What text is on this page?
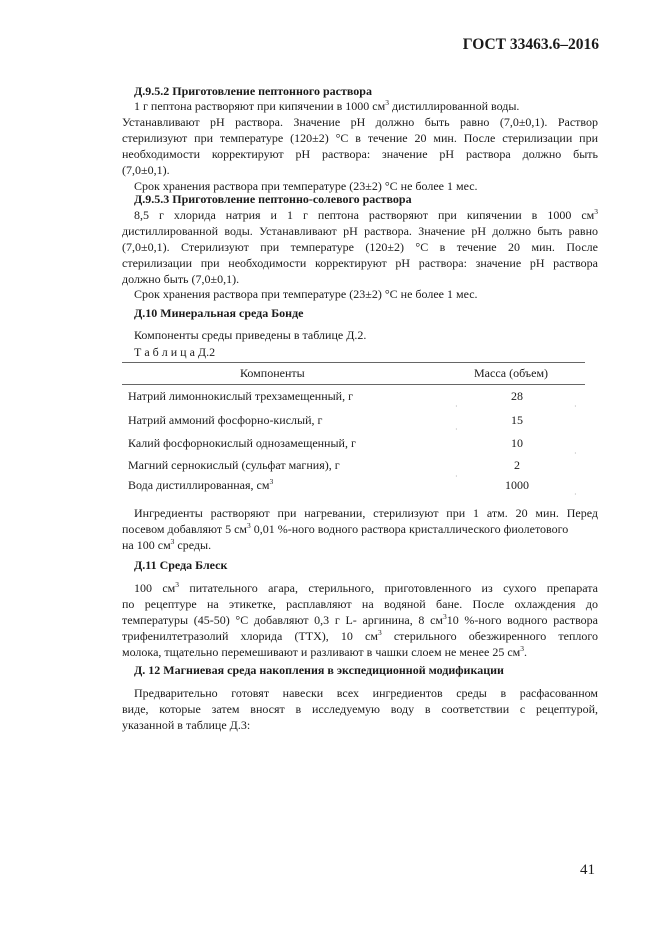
ГОСТ 33463.6–2016
Д.9.5.2 Приготовление пептонного раствора
1 г пептона растворяют при кипячении в 1000 $см^3$ дистиллированной воды.
Устанавливают pH раствора. Значение pH должно быть равно (7,0±0,1). Раствор
стерилизуют при температуре (120±2) °С в течение 20 мин. После стерилизации при
необходимости корректируют pH раствора: значение pH раствора должно быть
(7,0±0,1).
Срок хранения раствора при температуре (23±2) °С не более 1 мес.
Д.9.5.3 Приготовление пептонно-солевого раствора
8,5 г хлорида натрия и 1 г пептона растворяют при кипячении в 1000 $см^3$
дистиллированной воды. Устанавливают pH раствора. Значение pH должно быть равно
(7,0±0,1). Стерилизуют при температуре (120±2) °С в течение 20 мин. После
стерилизации при необходимости корректируют pH раствора: значение pH раствора
должно быть (7,0±0,1).
Срок хранения раствора при температуре (23±2) °С не более 1 мес.
Д.10 Минеральная среда Бонде
Компоненты среды приведены в таблице Д.2.
Т а б л и ц а Д.2
Компоненты	Масса (объем)
Натрий лимоннокислый трехзамещенный, г	28
Натрий аммоний фосфорно-кислый, г	15
Калий фосфорнокислый однозамещенный, г	10
Магний сернокислый (сульфат магния), г	2
Вода дистиллированная, $см^3$	1000
·	·
·
·
·
·
Ингредиенты растворяют при нагревании, стерилизуют при 1 атм. 20 мин. Перед
посевом добавляют 5 $см^3$ 0,01 %-ного водного раствора кристаллического фиолетового
на 100 $см^3$ среды.
Д.11 Среда Блеск
100 $см^3$ питательного агара, стерильного, приготовленного из сухого препарата
по рецептуре на этикетке, расплавляют на водяной бане. После охлаждения до
температуры (45-50) °С добавляют 0,3 г L- аргинина, 8 $см^310$ %-ного водного раствора
трифенилтетразолий хлорида (ТТХ), 10 $см^3$ стерильного обезжиренного теплого
молока, тщательно перемешивают и разливают в чашки слоем не менее 25 $см^3$.
Д. 12 Магниевая среда накопления в экспедиционной модификации
Предварительно готовят навески всех ингредиентов среды в расфасованном
виде, которые затем вносят в исследуемую воду в соответствии с рецептурой,
указанной в таблице Д.3:
41
